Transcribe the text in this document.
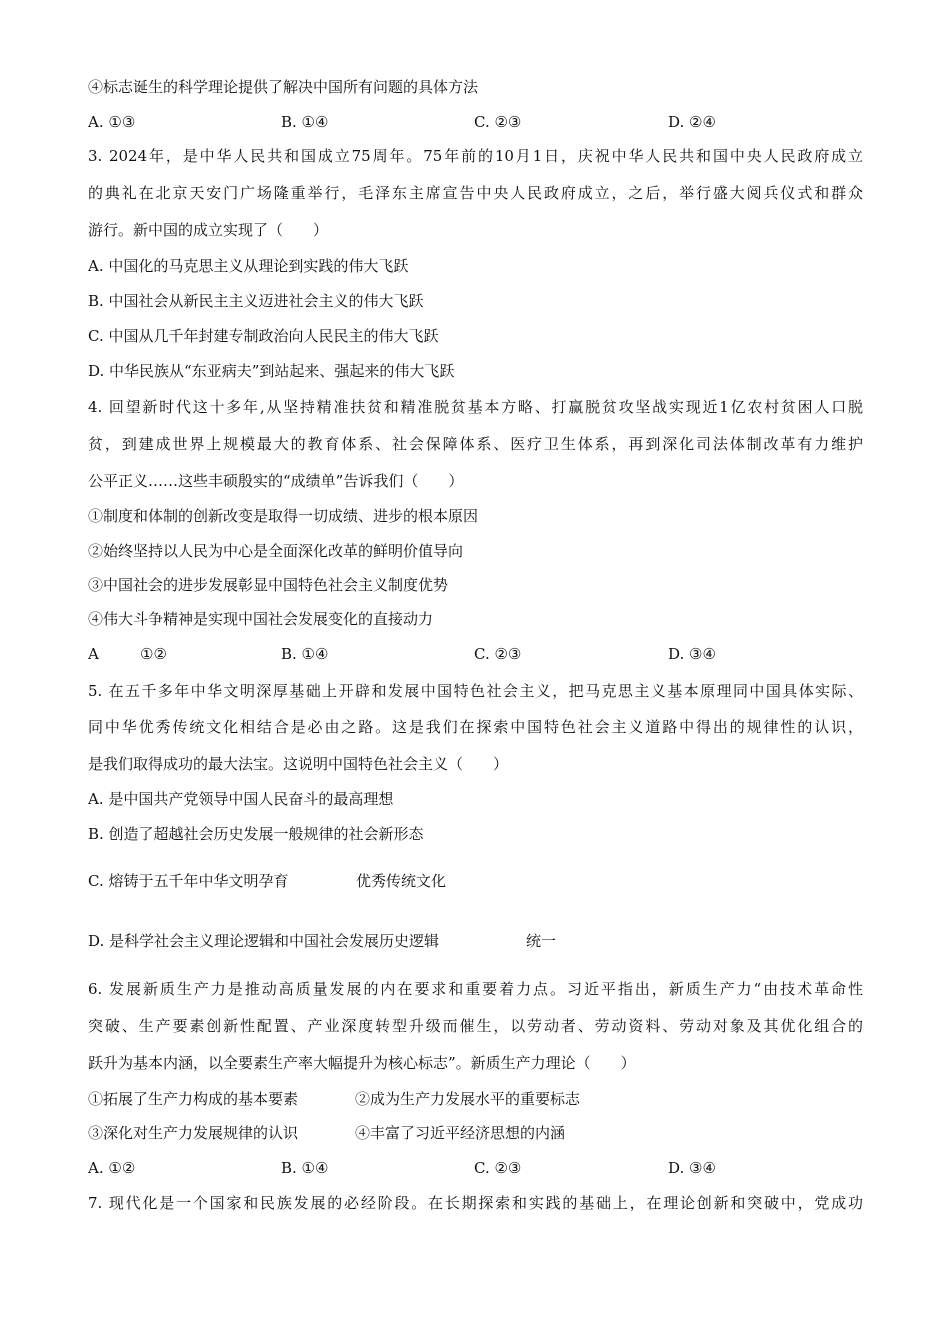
④标志诞生的科学理论提供了解决中国所有问题的具体方法
A. ①③	B. ①④	C. ②③	D. ②④
3. 2024年，是中华人民共和国成立75周年。75年前的10月1日，庆祝中华人民共和国中央人民政府成立
的典礼在北京天安门广场隆重举行，毛泽东主席宣告中央人民政府成立，之后，举行盛大阅兵仪式和群众
游行。新中国的成立实现了（　　）
A. 中国化的马克思主义从理论到实践的伟大飞跃
B. 中国社会从新民主主义迈进社会主义的伟大飞跃
C. 中国从几千年封建专制政治向人民民主的伟大飞跃
D. 中华民族从“东亚病夫”到站起来、强起来的伟大飞跃
4. 回望新时代这十多年,从坚持精准扶贫和精准脱贫基本方略、打赢脱贫攻坚战实现近1亿农村贫困人口脱
贫，到建成世界上规模最大的教育体系、社会保障体系、医疗卫生体系，再到深化司法体制改革有力维护
公平正义……这些丰硕殷实的“成绩单”告诉我们（　　）
①制度和体制的创新改变是取得一切成绩、进步的根本原因
②始终坚持以人民为中心是全面深化改革的鲜明价值导向
③中国社会的进步发展彰显中国特色社会主义制度优势
④伟大斗争精神是实现中国社会发展变化的直接动力
A	①②	B. ①④	C. ②③	D. ③④
5. 在五千多年中华文明深厚基础上开辟和发展中国特色社会主义，把马克思主义基本原理同中国具体实际、
同中华优秀传统文化相结合是必由之路。这是我们在探索中国特色社会主义道路中得出的规律性的认识，
是我们取得成功的最大法宝。这说明中国特色社会主义（　　）
A. 是中国共产党领导中国人民奋斗的最高理想
B. 创造了超越社会历史发展一般规律的社会新形态
C. 熔铸于五千年中华文明孕育	优秀传统文化
D. 是科学社会主义理论逻辑和中国社会发展历史逻辑	统一
6. 发展新质生产力是推动高质量发展的内在要求和重要着力点。习近平指出，新质生产力“由技术革命性
突破、生产要素创新性配置、产业深度转型升级而催生，以劳动者、劳动资料、劳动对象及其优化组合的
跃升为基本内涵，以全要素生产率大幅提升为核心标志”。新质生产力理论（　　）
①拓展了生产力构成的基本要素	②成为生产力发展水平的重要标志
③深化对生产力发展规律的认识	④丰富了习近平经济思想的内涵
A. ①②	B. ①④	C. ②③	D. ③④
7. 现代化是一个国家和民族发展的必经阶段。在长期探索和实践的基础上，在理论创新和突破中，党成功
